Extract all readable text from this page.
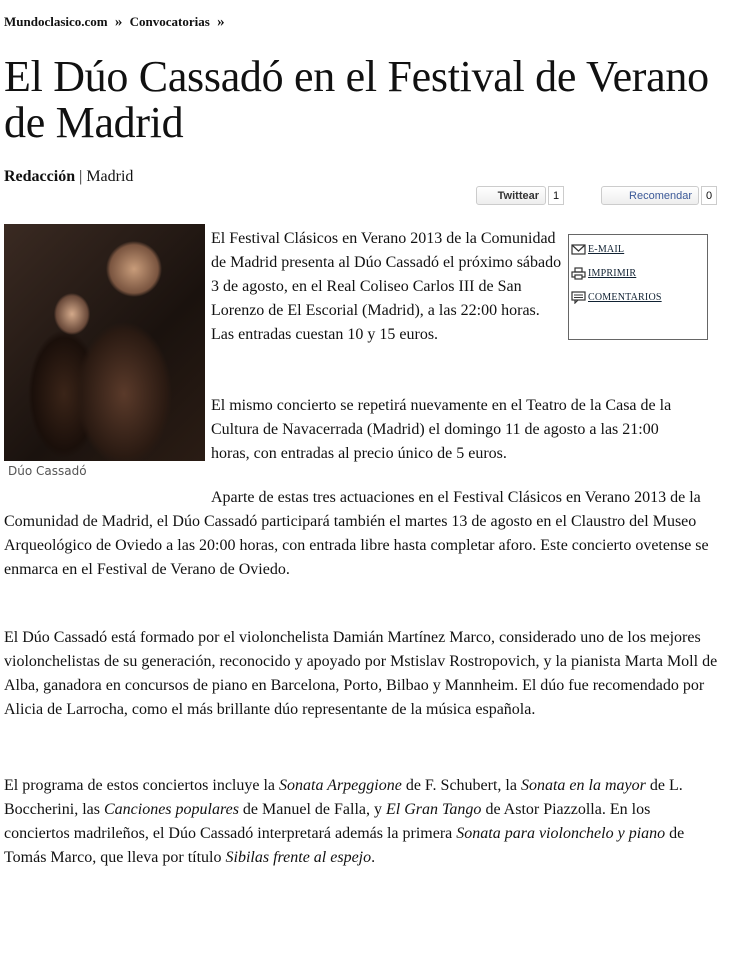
Mundoclasico.com » Convocatorias »
El Dúo Cassadó en el Festival de Verano de Madrid
Redacción | Madrid
Twittear	1	Recomendar	0
Dúo Cassadó
E-MAIL
IMPRIMIR
COMENTARIOS

El Festival Clásicos en Verano 2013 de la Comunidad de Madrid presenta al Dúo Cassadó el próximo sábado 3 de agosto, en el Real Coliseo Carlos III de San Lorenzo de El Escorial (Madrid), a las 22:00 horas. Las entradas cuestan 10 y 15 euros.

El mismo concierto se repetirá nuevamente en el Teatro de la Casa de la Cultura de Navacerrada (Madrid) el domingo 11 de agosto a las 21:00 horas, con entradas al precio único de 5 euros.

Aparte de estas tres actuaciones en el Festival Clásicos en Verano 2013 de la Comunidad de Madrid, el Dúo Cassadó participará también el martes 13 de agosto en el Claustro del Museo Arqueológico de Oviedo a las 20:00 horas, con entrada libre hasta completar aforo. Este concierto ovetense se enmarca en el Festival de Verano de Oviedo.

El Dúo Cassadó está formado por el violonchelista Damián Martínez Marco, considerado uno de los mejores violonchelistas de su generación, reconocido y apoyado por Mstislav Rostropovich, y la pianista Marta Moll de Alba, ganadora en concursos de piano en Barcelona, Porto, Bilbao y Mannheim. El dúo fue recomendado por Alicia de Larrocha, como el más brillante dúo representante de la música española.

El programa de estos conciertos incluye la Sonata Arpeggione de F. Schubert, la Sonata en la mayor de L. Boccherini, las Canciones populares de Manuel de Falla, y El Gran Tango de Astor Piazzolla. En los conciertos madrileños, el Dúo Cassadó interpretará además la primera Sonata para violonchelo y piano de Tomás Marco, que lleva por título Sibilas frente al espejo.
